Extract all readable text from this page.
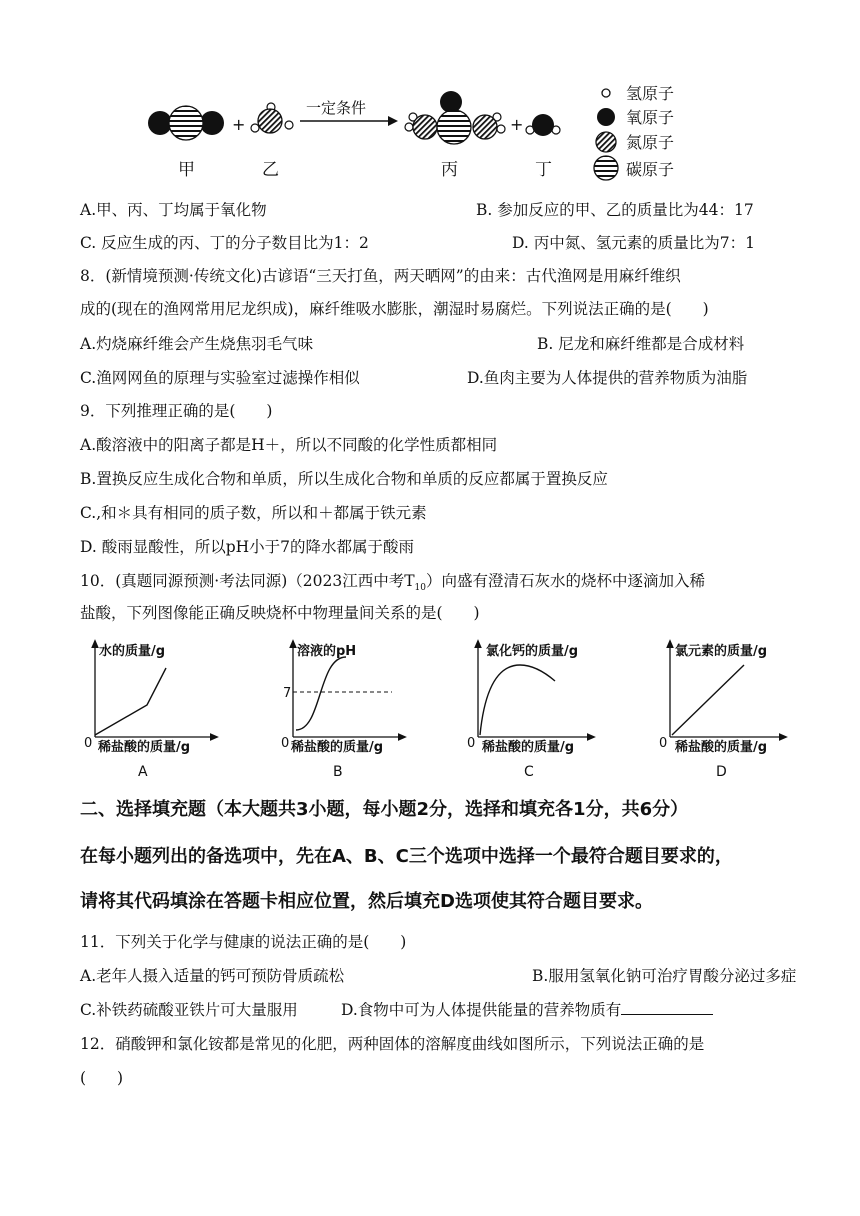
+
一定条件
+
甲	乙	丙	丁
氢原子
氧原子
氮原子
碳原子
A.甲、丙、丁均属于氧化物	B. 参加反应的甲、乙的质量比为44：17
C. 反应生成的丙、丁的分子数目比为1：2	D. 丙中氮、氢元素的质量比为7：1
8．(新情境预测·传统文化)古谚语“三天打鱼，两天晒网”的由来：古代渔网是用麻纤维织
成的(现在的渔网常用尼龙织成)，麻纤维吸水膨胀，潮湿时易腐烂。下列说法正确的是(　　)
A.灼烧麻纤维会产生烧焦羽毛气味	B. 尼龙和麻纤维都是合成材料
C.渔网网鱼的原理与实验室过滤操作相似	D.鱼肉主要为人体提供的营养物质为油脂
9．下列推理正确的是(　　)
A.酸溶液中的阳离子都是H＋，所以不同酸的化学性质都相同
B.置换反应生成化合物和单质，所以生成化合物和单质的反应都属于置换反应
C.,和＊具有相同的质子数，所以和＋都属于铁元素
D. 酸雨显酸性，所以pH小于7的降水都属于酸雨
10．(真题同源预测·考法同源)（2023江西中考$T_{10}$）向盛有澄清石灰水的烧杯中逐滴加入稀
盐酸，下列图像能正确反映烧杯中物理量间关系的是(　　)
水的质量/g
0 稀盐酸的质量/g
A
溶液的pH
0 稀盐酸的质量/g
7
B
氯化钙的质量/g
0 稀盐酸的质量/g
C
氯元素的质量/g
0 稀盐酸的质量/g
D
二、选择填充题（本大题共3小题，每小题2分，选择和填充各1分，共6分）
在每小题列出的备选项中，先在A、B、C三个选项中选择一个最符合题目要求的，
请将其代码填涂在答题卡相应位置，然后填充D选项使其符合题目要求。
11．下列关于化学与健康的说法正确的是(　　)
A.老年人摄入适量的钙可预防骨质疏松	B.服用氢氧化钠可治疗胃酸分泌过多症
C.补铁药硫酸亚铁片可大量服用	D.食物中可为人体提供能量的营养物质有
12．硝酸钾和氯化铵都是常见的化肥，两种固体的溶解度曲线如图所示，下列说法正确的是
(　　)
